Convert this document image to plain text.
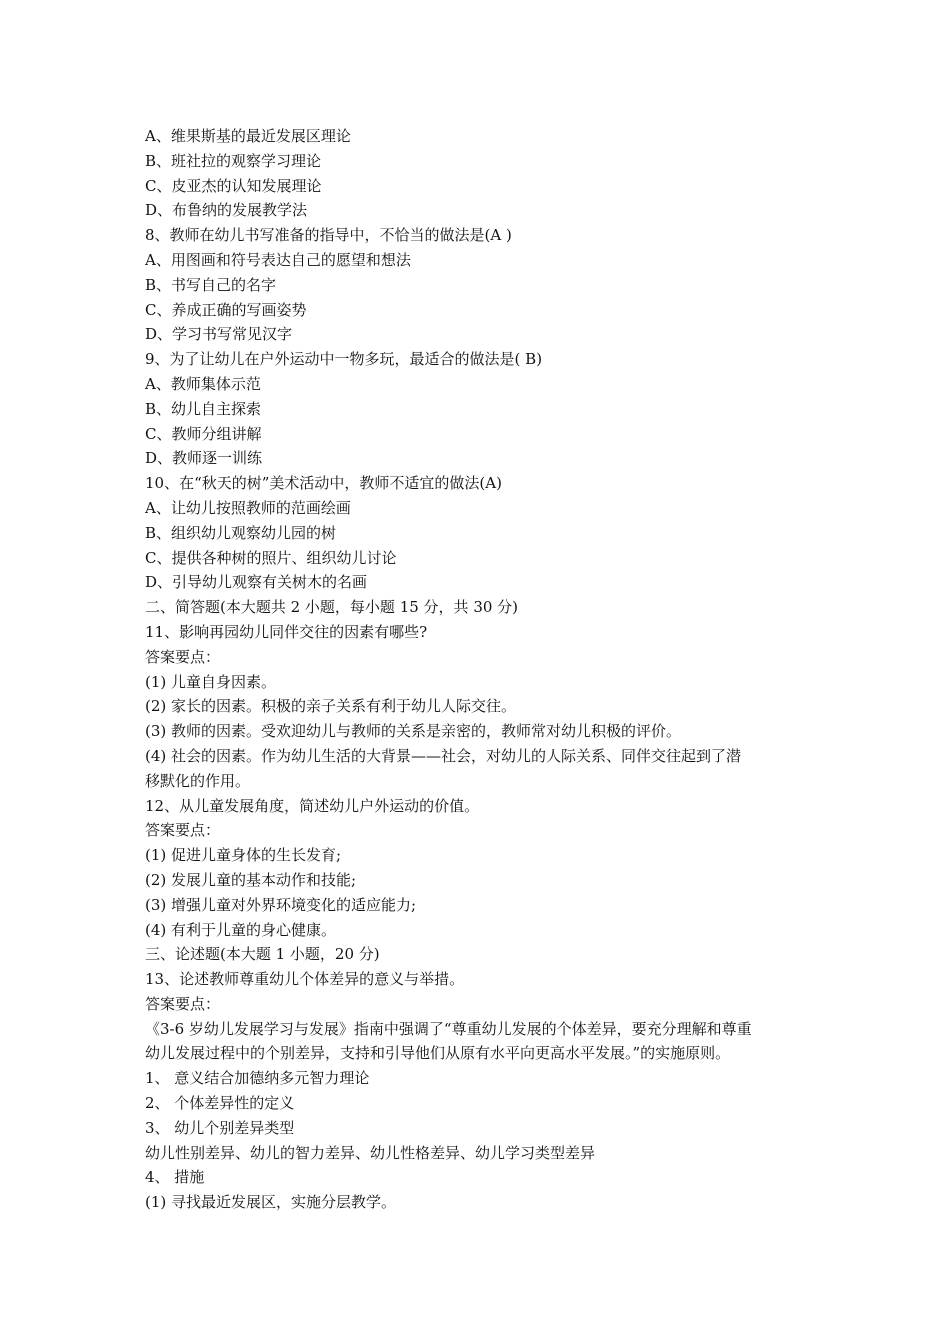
A、维果斯基的最近发展区理论
B、班社拉的观察学习理论
C、皮亚杰的认知发展理论
D、布鲁纳的发展教学法
8、教师在幼儿书写准备的指导中，不恰当的做法是(A )
A、用图画和符号表达自己的愿望和想法
B、书写自己的名字
C、养成正确的写画姿势
D、学习书写常见汉字
9、为了让幼儿在户外运动中一物多玩，最适合的做法是( B)
A、教师集体示范
B、幼儿自主探索
C、教师分组讲解
D、教师逐一训练
10、在“秋天的树”美术活动中，教师不适宜的做法(A)
A、让幼儿按照教师的范画绘画
B、组织幼儿观察幼儿园的树
C、提供各种树的照片、组织幼儿讨论
D、引导幼儿观察有关树木的名画
二、简答题(本大题共 2 小题，每小题 15 分，共 30 分)
11、影响再园幼儿同伴交往的因素有哪些?
答案要点：
(1) 儿童自身因素。
(2) 家长的因素。积极的亲子关系有利于幼儿人际交往。
(3) 教师的因素。受欢迎幼儿与教师的关系是亲密的，教师常对幼儿积极的评价。
(4) 社会的因素。作为幼儿生活的大背景——社会，对幼儿的人际关系、同伴交往起到了潜
移默化的作用。
12、从儿童发展角度，简述幼儿户外运动的价值。
答案要点：
(1) 促进儿童身体的生长发育;
(2) 发展儿童的基本动作和技能;
(3) 增强儿童对外界环境变化的适应能力;
(4) 有利于儿童的身心健康。
三、论述题(本大题 1 小题，20 分)
13、论述教师尊重幼儿个体差异的意义与举措。
答案要点：
《3-6 岁幼儿发展学习与发展》指南中强调了“尊重幼儿发展的个体差异，要充分理解和尊重
幼儿发展过程中的个别差异，支持和引导他们从原有水平向更高水平发展。”的实施原则。
1、 意义结合加德纳多元智力理论
2、 个体差异性的定义
3、 幼儿个别差异类型
幼儿性别差异、幼儿的智力差异、幼儿性格差异、幼儿学习类型差异
4、 措施
(1) 寻找最近发展区，实施分层教学。
